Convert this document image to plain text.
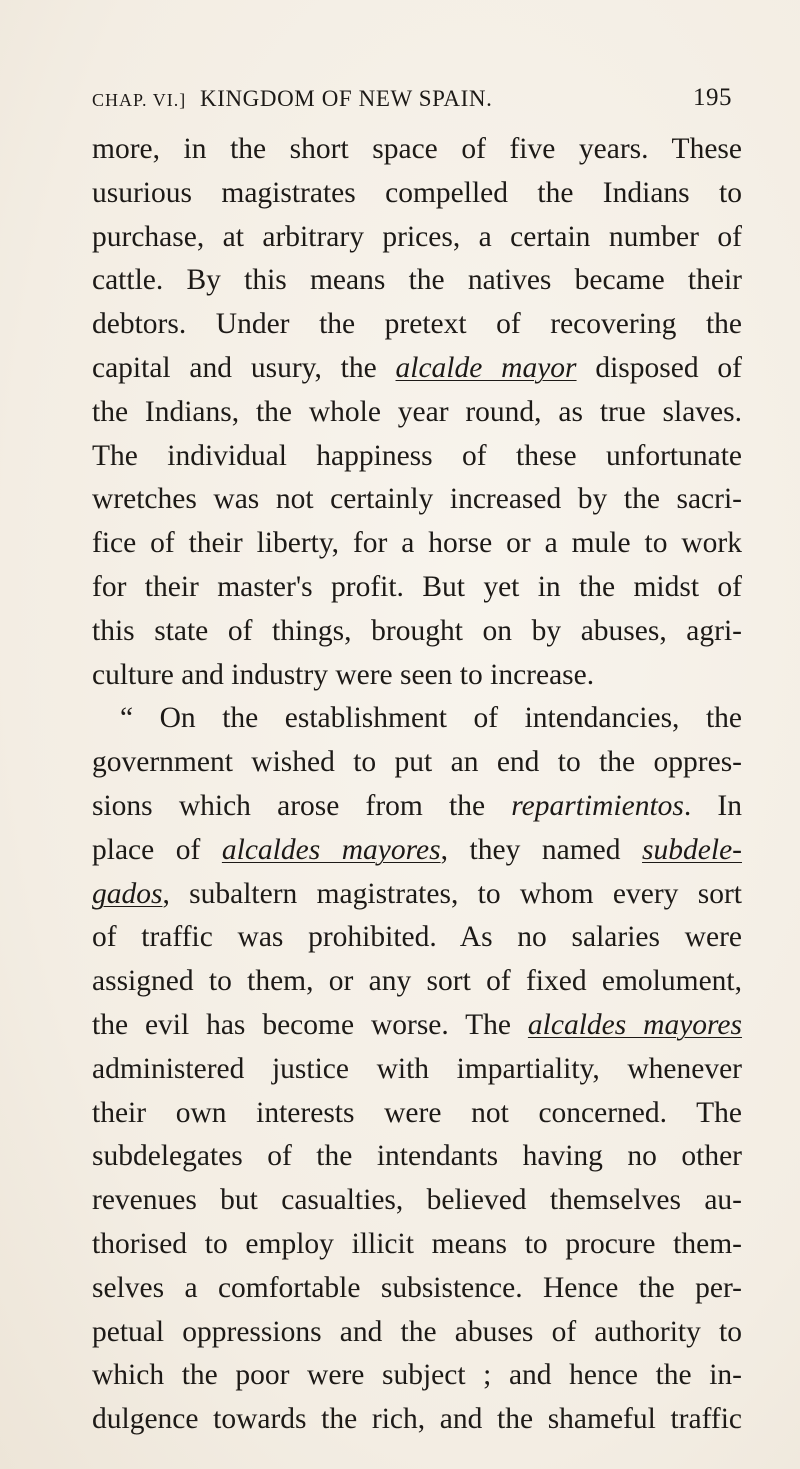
CHAP. VI.] KINGDOM OF NEW SPAIN.	195
more, in the short space of five years. These
usurious magistrates compelled the Indians to
purchase, at arbitrary prices, a certain number of
cattle. By this means the natives became their
debtors. Under the pretext of recovering the
capital and usury, the alcalde mayor disposed of
the Indians, the whole year round, as true slaves.
The individual happiness of these unfortunate
wretches was not certainly increased by the sacri-
fice of their liberty, for a horse or a mule to work
for their master's profit. But yet in the midst of
this state of things, brought on by abuses, agri-
culture and industry were seen to increase.
“ On the establishment of intendancies, the
government wished to put an end to the oppres-
sions which arose from the repartimientos. In
place of alcaldes mayores, they named subdele-
gados, subaltern magistrates, to whom every sort
of traffic was prohibited. As no salaries were
assigned to them, or any sort of fixed emolument,
the evil has become worse. The alcaldes mayores
administered justice with impartiality, whenever
their own interests were not concerned. The
subdelegates of the intendants having no other
revenues but casualties, believed themselves au-
thorised to employ illicit means to procure them-
selves a comfortable subsistence. Hence the per-
petual oppressions and the abuses of authority to
which the poor were subject ; and hence the in-
dulgence towards the rich, and the shameful traffic
